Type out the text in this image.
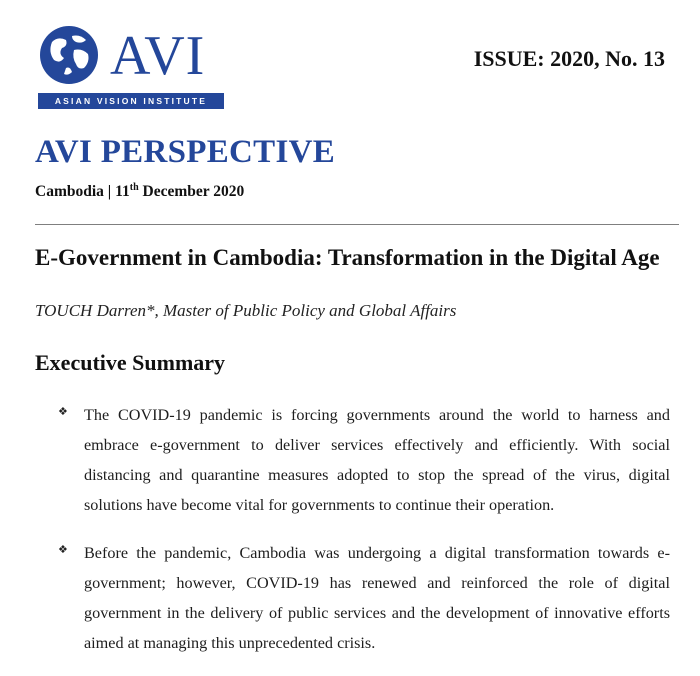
AVI
ASIAN VISION INSTITUTE
ISSUE: 2020, No. 13
AVI PERSPECTIVE
Cambodia | 11th December 2020
E-Government in Cambodia: Transformation in the Digital Age
TOUCH Darren*, Master of Public Policy and Global Affairs
Executive Summary
❖ The COVID-19 pandemic is forcing governments around the world to harness and embrace e-government to deliver services effectively and efficiently. With social distancing and quarantine measures adopted to stop the spread of the virus, digital solutions have become vital for governments to continue their operation.
❖ Before the pandemic, Cambodia was undergoing a digital transformation towards e-government; however, COVID-19 has renewed and reinforced the role of digital government in the delivery of public services and the development of innovative efforts aimed at managing this unprecedented crisis.
